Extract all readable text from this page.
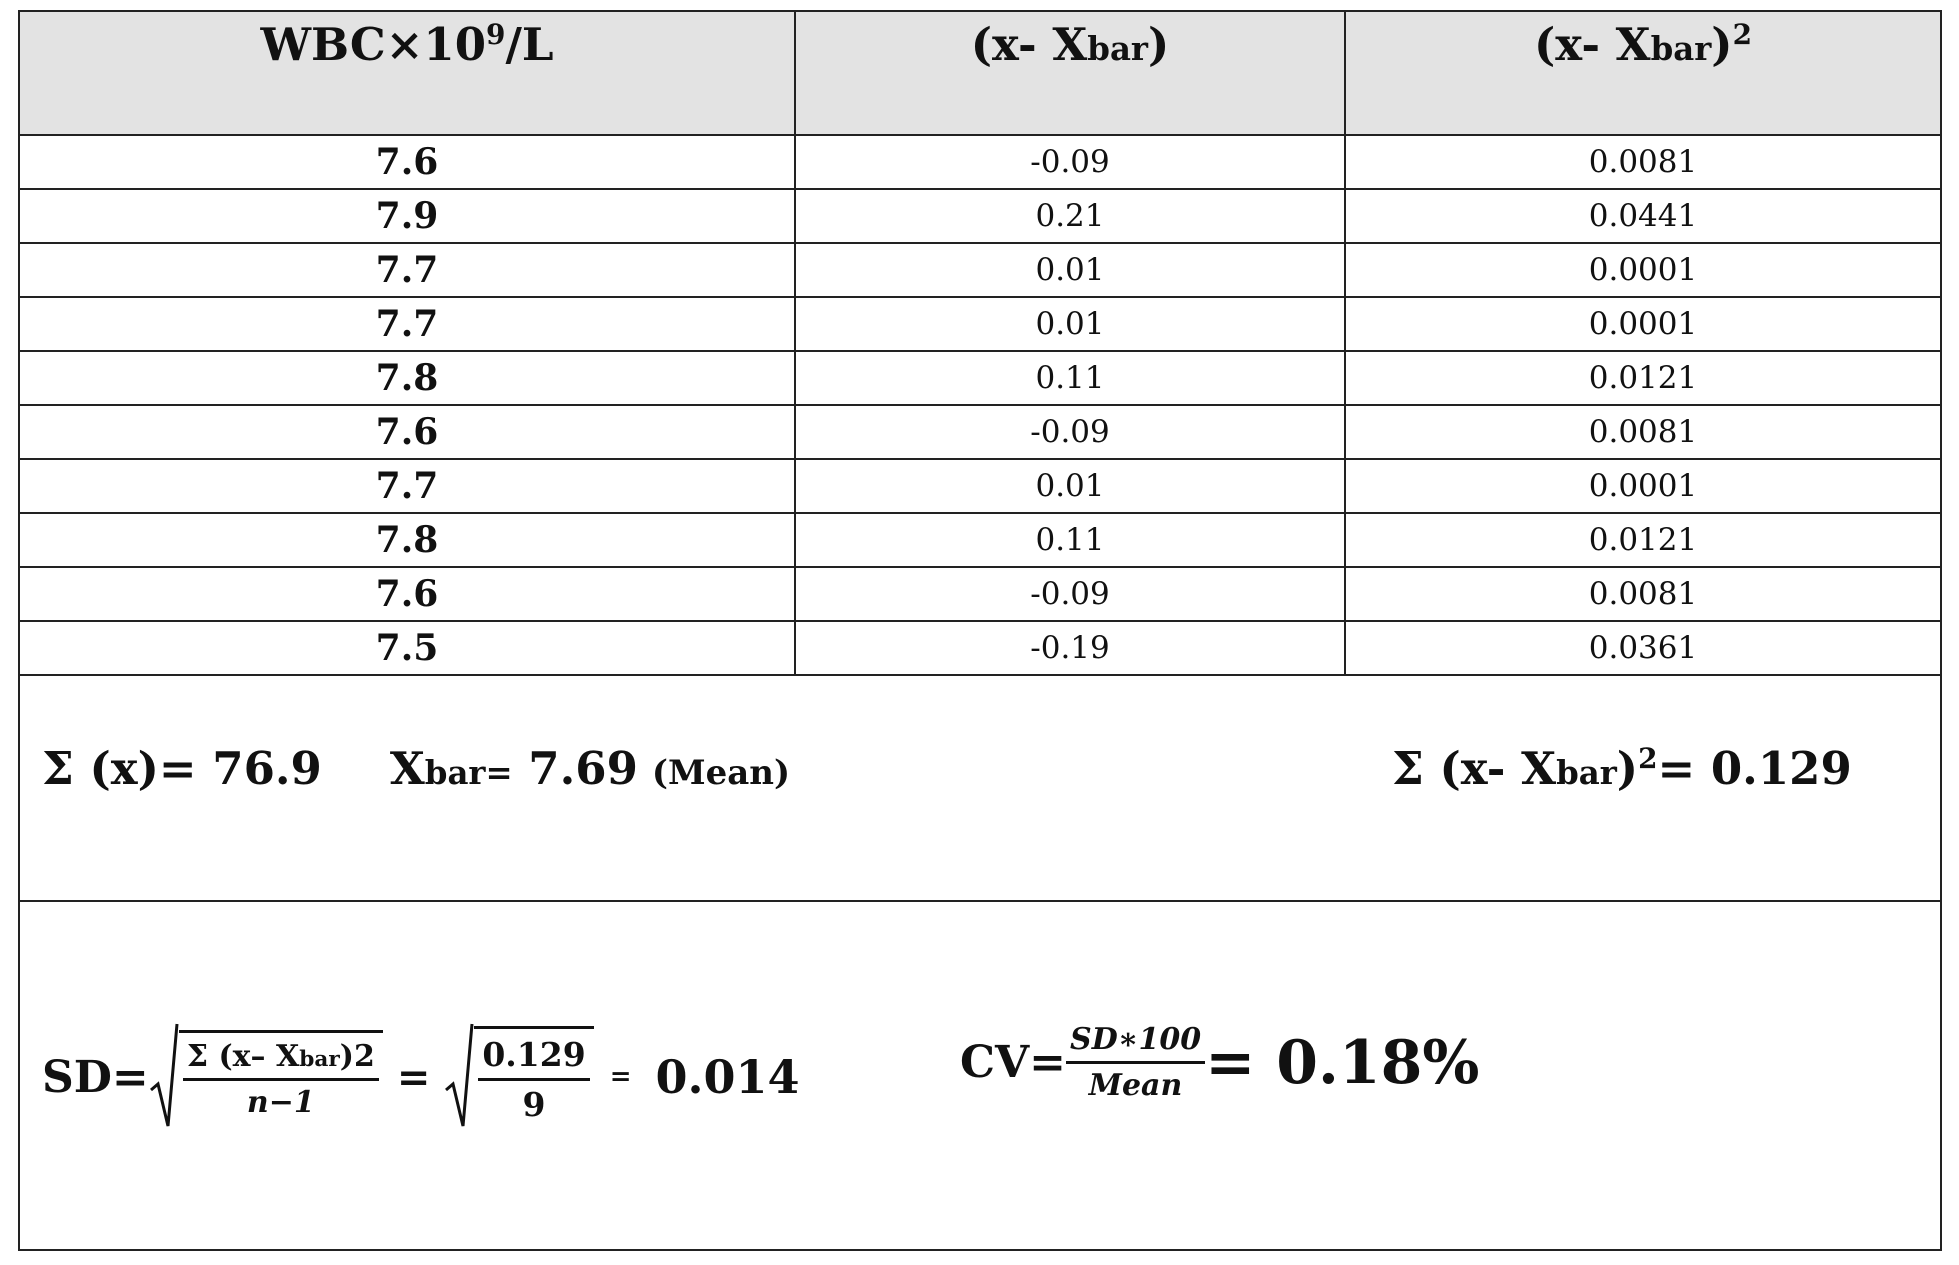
$WBC\times 10^9/L$	(x- Xbar)	(x- Xbar)$^2$
7.6	-0.09	0.0081
7.9	0.21	0.0441
7.7	0.01	0.0001
7.7	0.01	0.0001
7.8	0.11	0.0121
7.6	-0.09	0.0081
7.7	0.01	0.0001
7.8	0.11	0.0121
7.6	-0.09	0.0081
7.5	-0.19	0.0361
Σ (x)= 76.9 Xbar= 7.69 (Mean)	Σ (x- Xbar)$^2$= 0.129
$SD= \frac{\text{Σ (x– Xbar)2}}{n-1} = \frac{0.129}{9} = 0.014$	$CV= \frac{SD∗100}{\text{Mean}} = 0.18\%$
